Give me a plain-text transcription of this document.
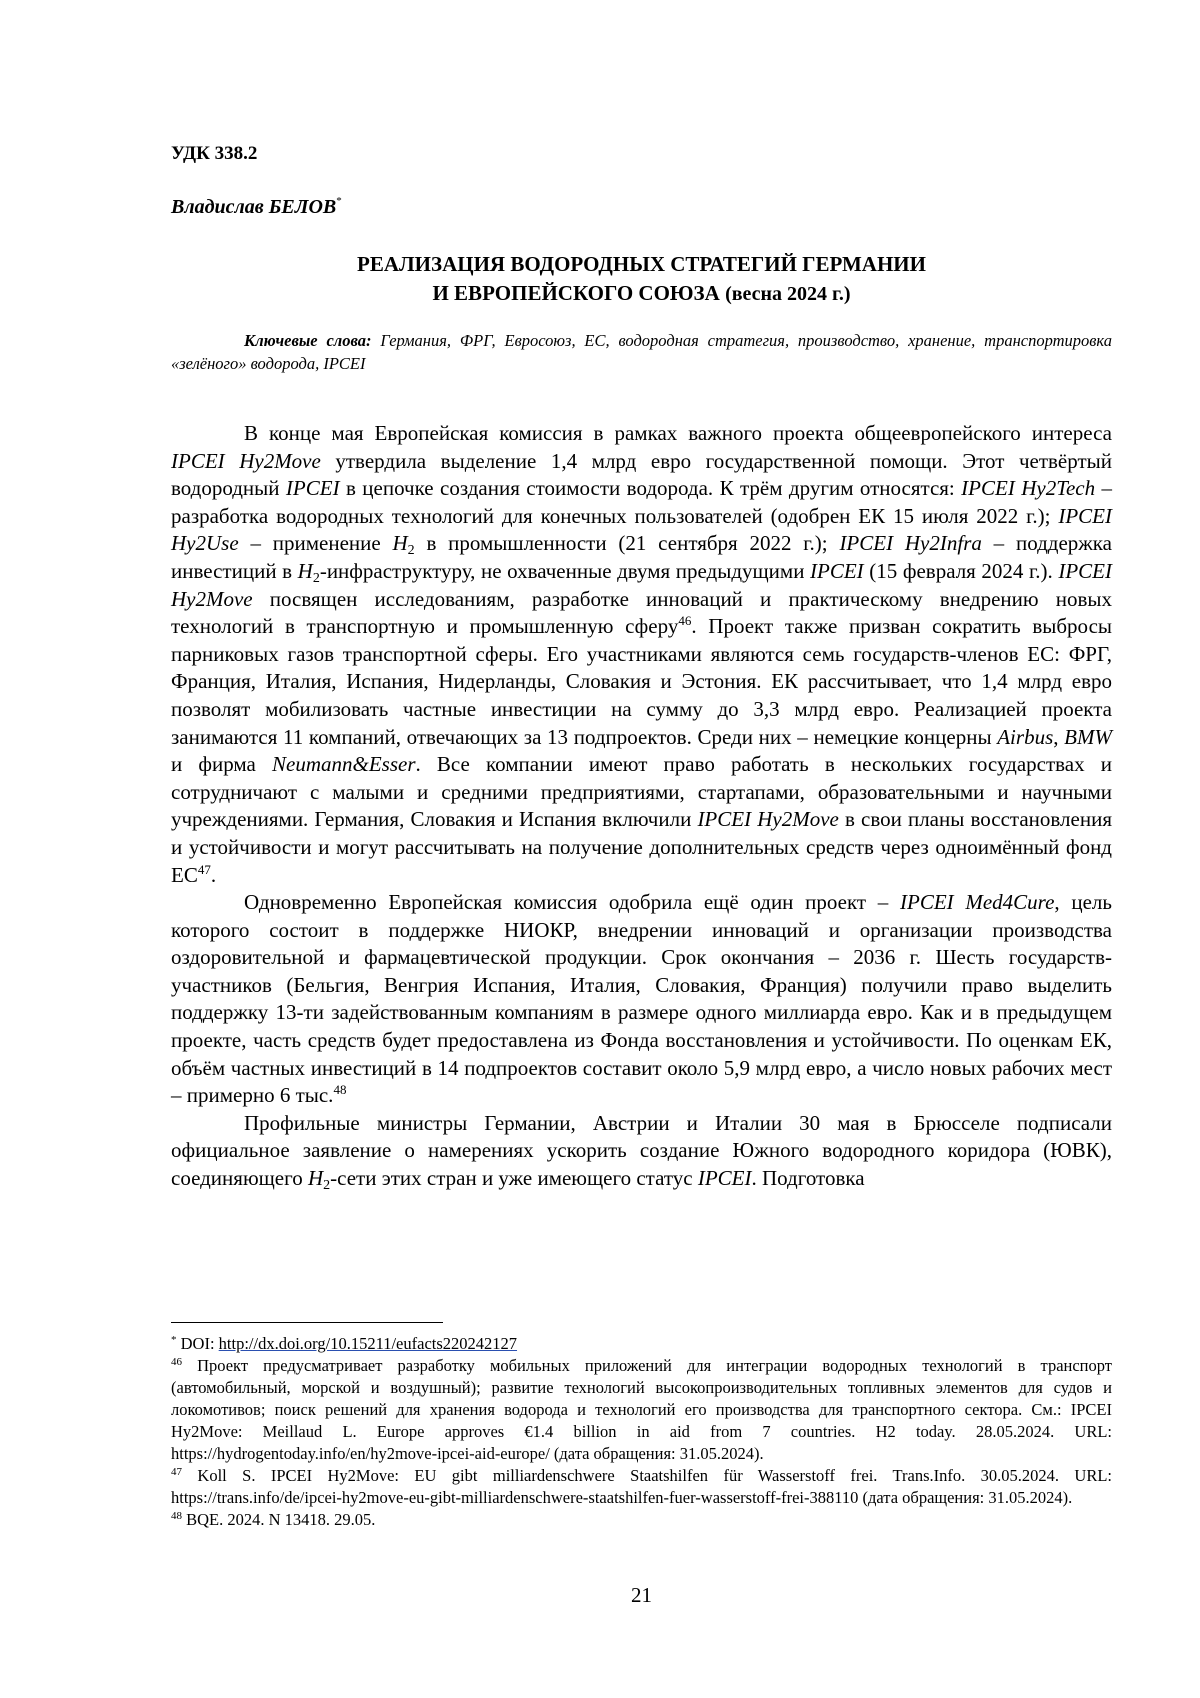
УДК 338.2
Владислав БЕЛОВ*
РЕАЛИЗАЦИЯ ВОДОРОДНЫХ СТРАТЕГИЙ ГЕРМАНИИ
И ЕВРОПЕЙСКОГО СОЮЗА (весна 2024 г.)
Ключевые слова: Германия, ФРГ, Евросоюз, ЕС, водородная стратегия, производство, хранение, транспортировка «зелёного» водорода, IPCEI

В конце мая Европейская комиссия в рамках важного проекта общеевропейского интереса IPCEI Hy2Move утвердила выделение 1,4 млрд евро государственной помощи. Этот четвёртый водородный IPCEI в цепочке создания стоимости водорода. К трём другим относятся: IPCEI Hy2Tech – разработка водородных технологий для конечных пользователей (одобрен ЕК 15 июля 2022 г.); IPCEI Hy2Use – применение $H_2$ в промышленности (21 сентября 2022 г.); IPCEI Hy2Infra – поддержка инвестиций в $H_2$-инфраструктуру, не охваченные двумя предыдущими IPCEI (15 февраля 2024 г.). IPCEI Hy2Move посвящен исследованиям, разработке инноваций и практическому внедрению новых технологий в транспортную и промышленную сферу$^{46}$. Проект также призван сократить выбросы парниковых газов транспортной сферы. Его участниками являются семь государств-членов ЕС: ФРГ, Франция, Италия, Испания, Нидерланды, Словакия и Эстония. ЕК рассчитывает, что 1,4 млрд евро позволят мобилизовать частные инвестиции на сумму до 3,3 млрд евро. Реализацией проекта занимаются 11 компаний, отвечающих за 13 подпроектов. Среди них – немецкие концерны Airbus, BMW и фирма Neumann&Esser. Все компании имеют право работать в нескольких государствах и сотрудничают с малыми и средними предприятиями, стартапами, образовательными и научными учреждениями. Германия, Словакия и Испания включили IPCEI Hy2Move в свои планы восстановления и устойчивости и могут рассчитывать на получение дополнительных средств через одноимённый фонд ЕС$^{47}$.

Одновременно Европейская комиссия одобрила ещё один проект – IPCEI Med4Cure, цель которого состоит в поддержке НИОКР, внедрении инноваций и организации производства оздоровительной и фармацевтической продукции. Срок окончания – 2036 г. Шесть государств-участников (Бельгия, Венгрия Испания, Италия, Словакия, Франция) получили право выделить поддержку 13-ти задействованным компаниям в размере одного миллиарда евро. Как и в предыдущем проекте, часть средств будет предоставлена из Фонда восстановления и устойчивости. По оценкам ЕК, объём частных инвестиций в 14 подпроектов составит около 5,9 млрд евро, а число новых рабочих мест – примерно 6 тыс.$^{48}$

Профильные министры Германии, Австрии и Италии 30 мая в Брюсселе подписали официальное заявление о намерениях ускорить создание Южного водородного коридора (ЮВК), соединяющего $H_2$-сети этих стран и уже имеющего статус IPCEI. Подготовка

* DOI: http://dx.doi.org/10.15211/eufacts220242127

$^{46}$ Проект предусматривает разработку мобильных приложений для интеграции водородных технологий в транспорт (автомобильный, морской и воздушный); развитие технологий высокопроизводительных топливных элементов для судов и локомотивов; поиск решений для хранения водорода и технологий его производства для транспортного сектора. См.: IPCEI Hy2Move: Meillaud L. Europe approves €1.4 billion in aid from 7 countries. H2 today. 28.05.2024. URL: https://hydrogentoday.info/en/hy2move-ipcei-aid-europe/ (дата обращения: 31.05.2024).

$^{47}$ Koll S. IPCEI Hy2Move: EU gibt milliardenschwere Staatshilfen für Wasserstoff frei. Trans.Info. 30.05.2024. URL: https://trans.info/de/ipcei-hy2move-eu-gibt-milliardenschwere-staatshilfen-fuer-wasserstoff-frei-388110 (дата обращения: 31.05.2024).

$^{48}$ BQE. 2024. N 13418. 29.05.

21
